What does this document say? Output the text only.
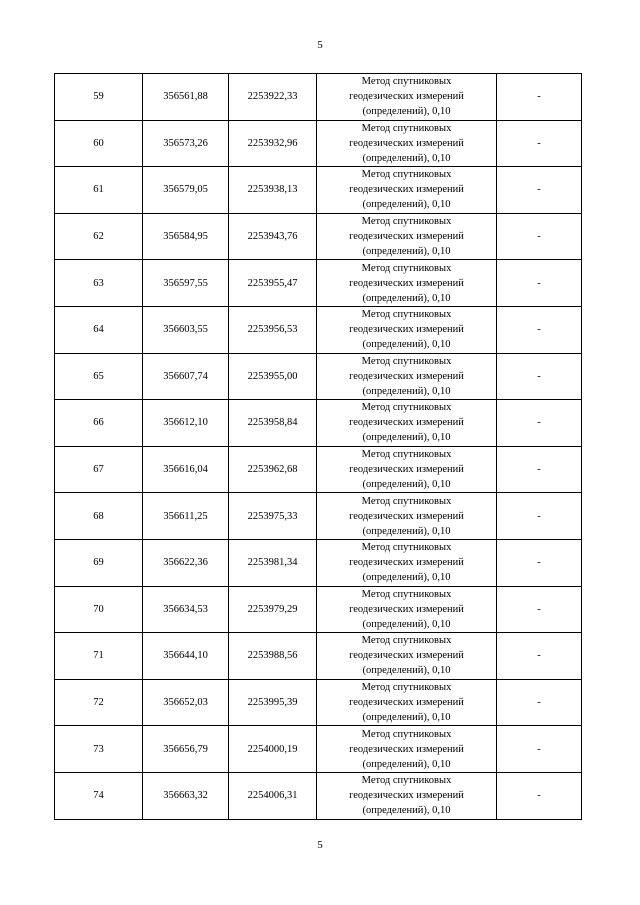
5
59	356561,88	2253922,33	Метод спутниковых
геодезических измерений
(определений), 0,10	-
60	356573,26	2253932,96	Метод спутниковых
геодезических измерений
(определений), 0,10	-
61	356579,05	2253938,13	Метод спутниковых
геодезических измерений
(определений), 0,10	-
62	356584,95	2253943,76	Метод спутниковых
геодезических измерений
(определений), 0,10	-
63	356597,55	2253955,47	Метод спутниковых
геодезических измерений
(определений), 0,10	-
64	356603,55	2253956,53	Метод спутниковых
геодезических измерений
(определений), 0,10	-
65	356607,74	2253955,00	Метод спутниковых
геодезических измерений
(определений), 0,10	-
66	356612,10	2253958,84	Метод спутниковых
геодезических измерений
(определений), 0,10	-
67	356616,04	2253962,68	Метод спутниковых
геодезических измерений
(определений), 0,10	-
68	356611,25	2253975,33	Метод спутниковых
геодезических измерений
(определений), 0,10	-
69	356622,36	2253981,34	Метод спутниковых
геодезических измерений
(определений), 0,10	-
70	356634,53	2253979,29	Метод спутниковых
геодезических измерений
(определений), 0,10	-
71	356644,10	2253988,56	Метод спутниковых
геодезических измерений
(определений), 0,10	-
72	356652,03	2253995,39	Метод спутниковых
геодезических измерений
(определений), 0,10	-
73	356656,79	2254000,19	Метод спутниковых
геодезических измерений
(определений), 0,10	-
74	356663,32	2254006,31	Метод спутниковых
геодезических измерений
(определений), 0,10	-
5
